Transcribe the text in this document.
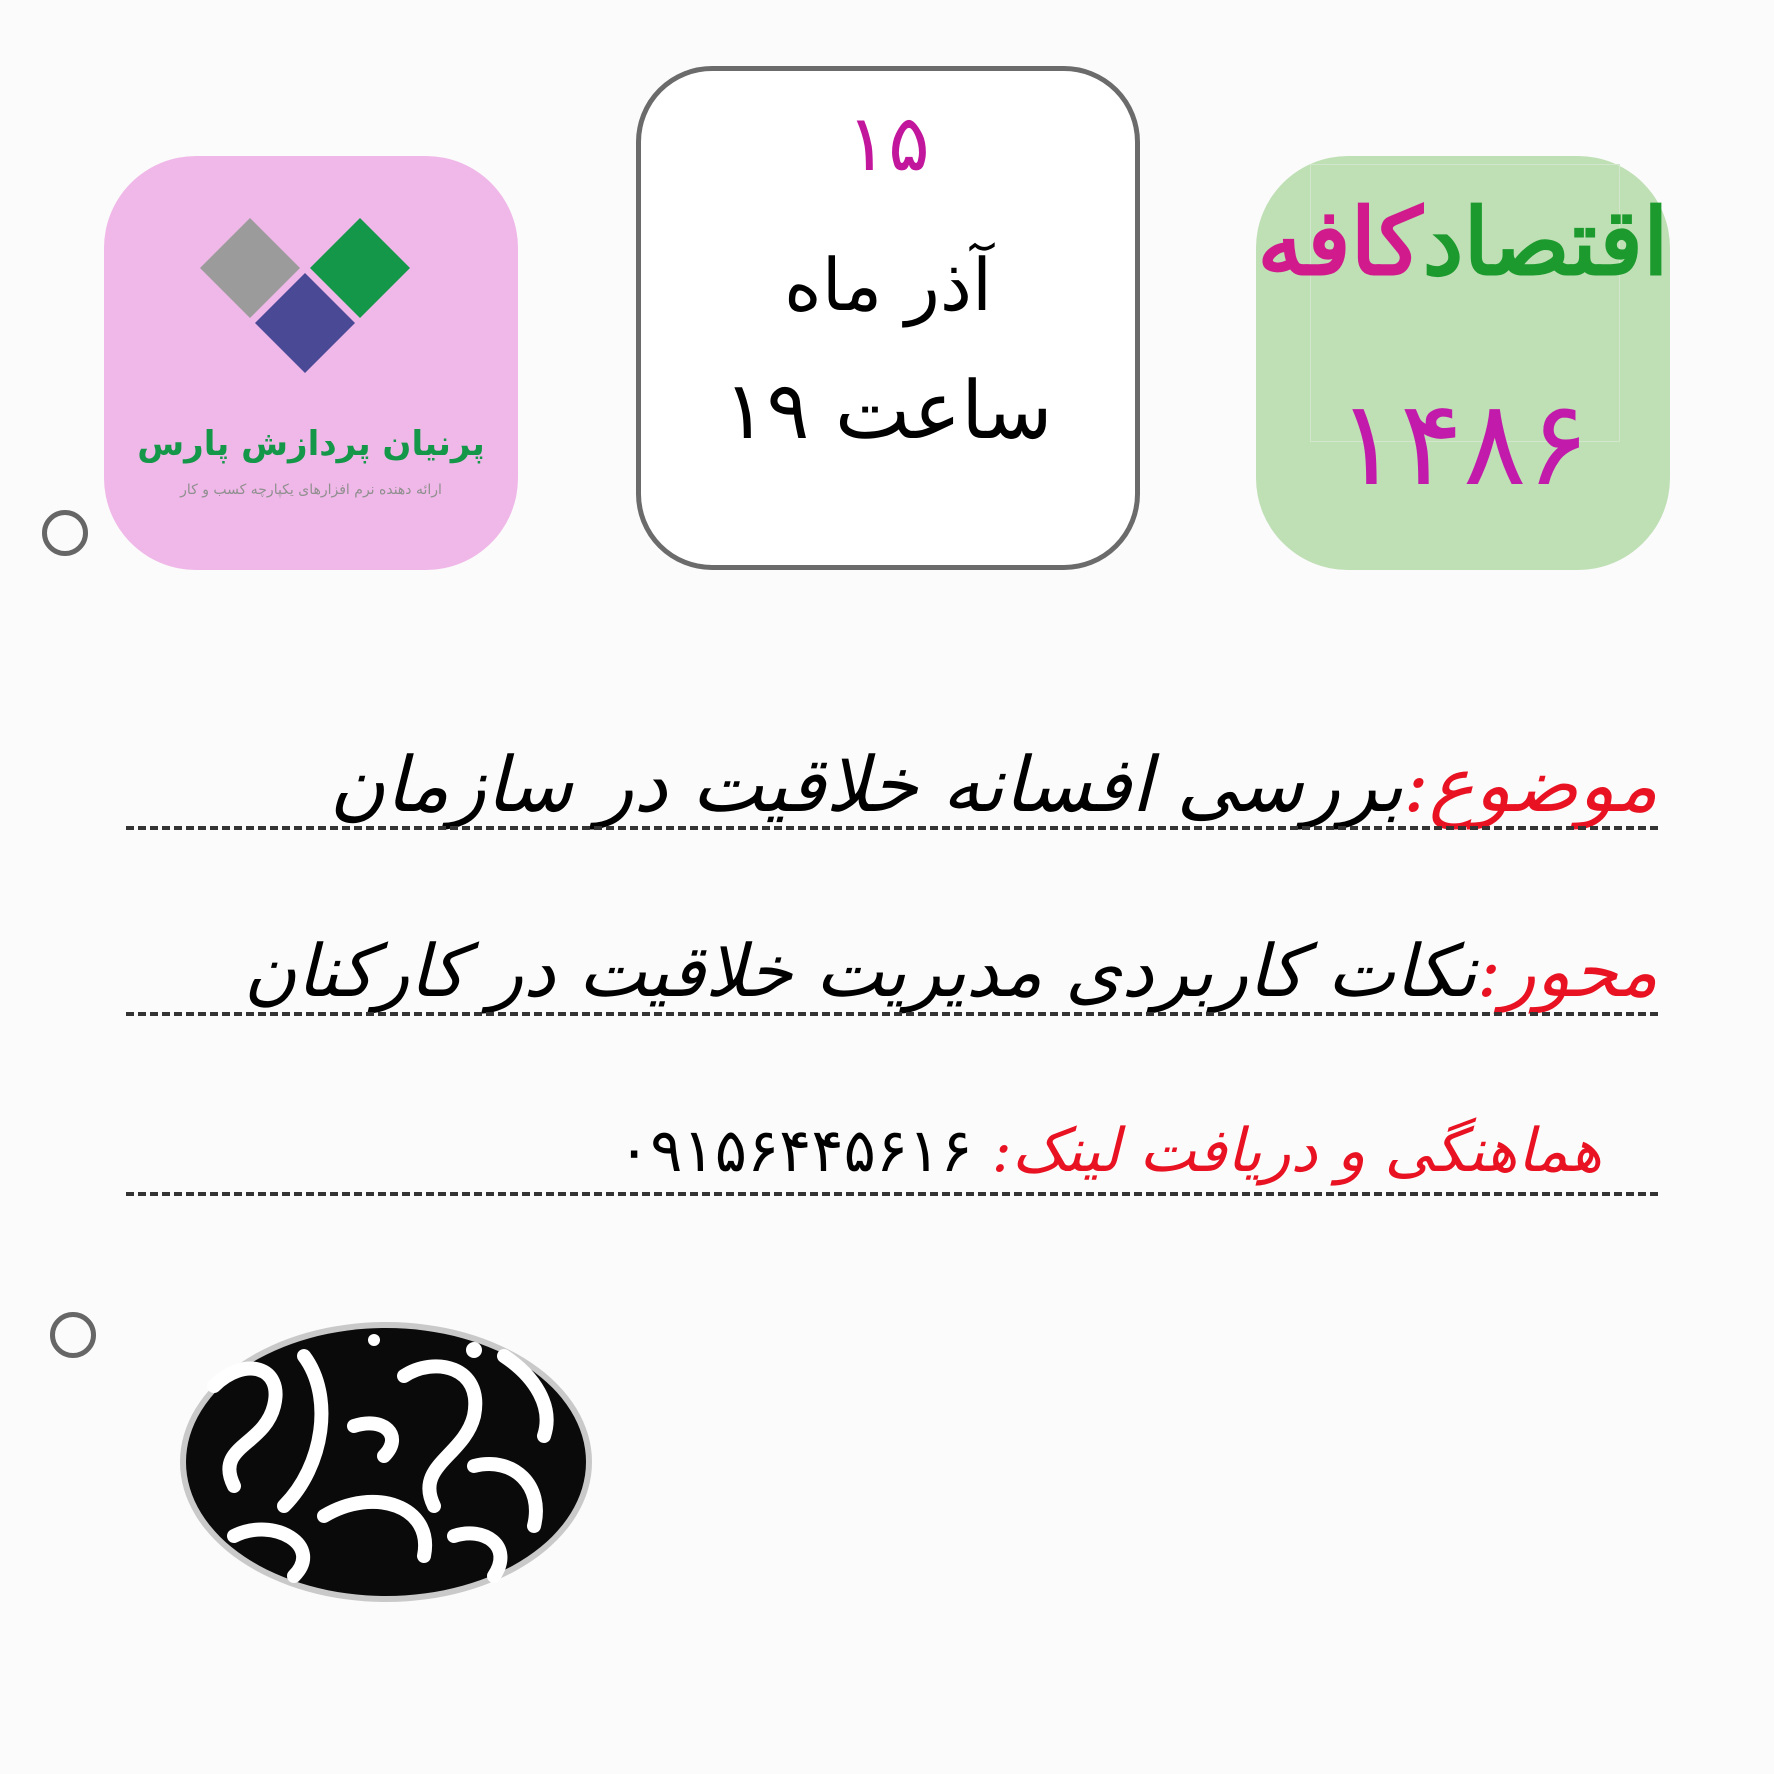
پرنیان پردازش پارس
ارائه دهنده نرم افزارهای یکپارچه کسب و کار
۱۵
آذر ماه
ساعت ۱۹
اقتصادکافه
۱۴۸۶
موضوع:بررسی افسانه خلاقیت در سازمان
محور:نکات کاربردی مدیریت خلاقیت در کارکنان
هماهنگی و دریافت لینک: ۰۹۱۵۶۴۴۵۶۱۶
